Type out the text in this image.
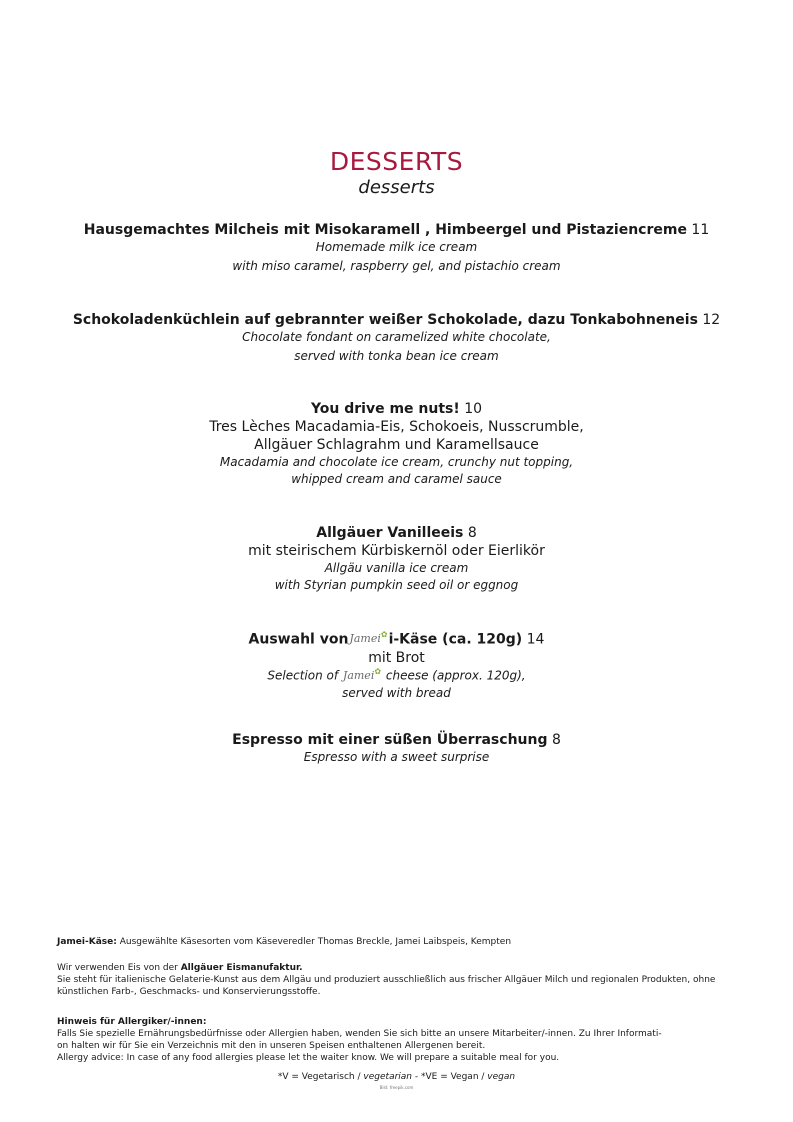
DESSERTS
desserts
Hausgemachtes Milcheis mit Misokaramell , Himbeergel und Pistaziencreme 11
Homemade milk ice cream
with miso caramel, raspberry gel, and pistachio cream
Schokoladenküchlein auf gebrannter weißer Schokolade, dazu Tonkabohneneis 12
Chocolate fondant on caramelized white chocolate,
served with tonka bean ice cream
You drive me nuts! 10
Tres Lèches Macadamia-Eis, Schokoeis, Nusscrumble,
Allgäuer Schlagrahm und Karamellsauce
Macadamia and chocolate ice cream, crunchy nut topping,
whipped cream and caramel sauce
Allgäuer Vanilleeis 8
mit steirischem Kürbiskernöl oder Eierlikör
Allgäu vanilla ice cream
with Styrian pumpkin seed oil or eggnog
Auswahl vonJamei✿i-Käse (ca. 120g) 14
mit Brot
Selection of Jamei✿ cheese (approx. 120g),
served with bread
Espresso mit einer süßen Überraschung 8
Espresso with a sweet surprise

Jamei-Käse: Ausgewählte Käsesorten vom Käseveredler Thomas Breckle, Jamei Laibspeis, Kempten

Wir verwenden Eis von der Allgäuer Eismanufaktur.

Sie steht für italienische Gelaterie-Kunst aus dem Allgäu und produziert ausschließlich aus frischer Allgäuer Milch und regionalen Produkten, ohne

künstlichen Farb-, Geschmacks- und Konservierungsstoffe.

Hinweis für Allergiker/-innen:

Falls Sie spezielle Ernährungsbedürfnisse oder Allergien haben, wenden Sie sich bitte an unsere Mitarbeiter/-innen. Zu Ihrer Informati-

on halten wir für Sie ein Verzeichnis mit den in unseren Speisen enthaltenen Allergenen bereit.

Allergy advice: In case of any food allergies please let the waiter know. We will prepare a suitable meal for you.

*V = Vegetarisch / vegetarian - *VE = Vegan / vegan
Bild: freepik.com
